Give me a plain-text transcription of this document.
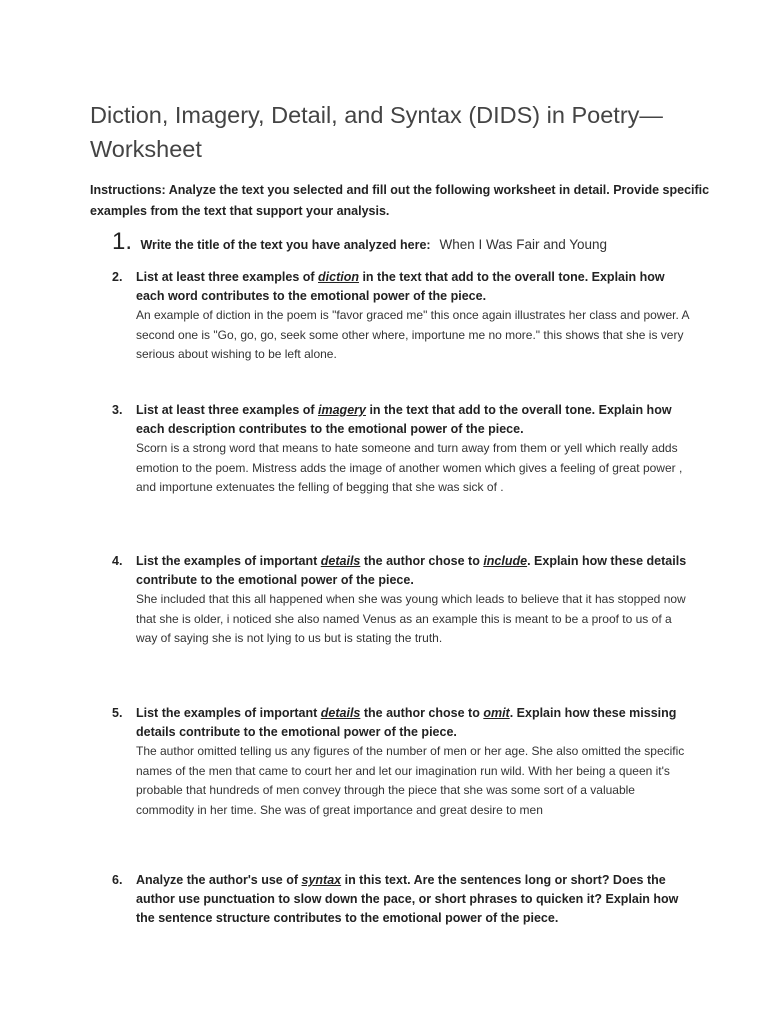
Diction, Imagery, Detail, and Syntax (DIDS) in Poetry—Worksheet
Instructions: Analyze the text you selected and fill out the following worksheet in detail. Provide specific examples from the text that support your analysis.
1. Write the title of the text you have analyzed here: When I Was Fair and Young
2. List at least three examples of diction in the text that add to the overall tone. Explain how each word contributes to the emotional power of the piece.
An example of diction in the poem is "favor graced me" this once again illustrates her class and power. A second one is "Go, go, go, seek some other where, importune me no more." this shows that she is very serious about wishing to be left alone.
3. List at least three examples of imagery in the text that add to the overall tone. Explain how each description contributes to the emotional power of the piece.
Scorn is a strong word that means to hate someone and turn away from them or yell which really adds emotion to the poem. Mistress adds the image of another women which gives a feeling of great power , and importune extenuates the felling of begging that she was sick of .
4. List the examples of important details the author chose to include. Explain how these details contribute to the emotional power of the piece.
She included that this all happened when she was young which leads to believe that it has stopped now that she is older, i noticed she also named Venus as an example this is meant to be a proof to us of a way of saying she is not lying to us but is stating the truth.
5. List the examples of important details the author chose to omit. Explain how these missing details contribute to the emotional power of the piece.
The author omitted telling us any figures of the number of men or her age. She also omitted the specific names of the men that came to court her and let our imagination run wild. With her being a queen it's probable that hundreds of men convey through the piece that she was some sort of a valuable commodity in her time. She was of great importance and great desire to men
6. Analyze the author's use of syntax in this text. Are the sentences long or short? Does the author use punctuation to slow down the pace, or short phrases to quicken it? Explain how the sentence structure contributes to the emotional power of the piece.
